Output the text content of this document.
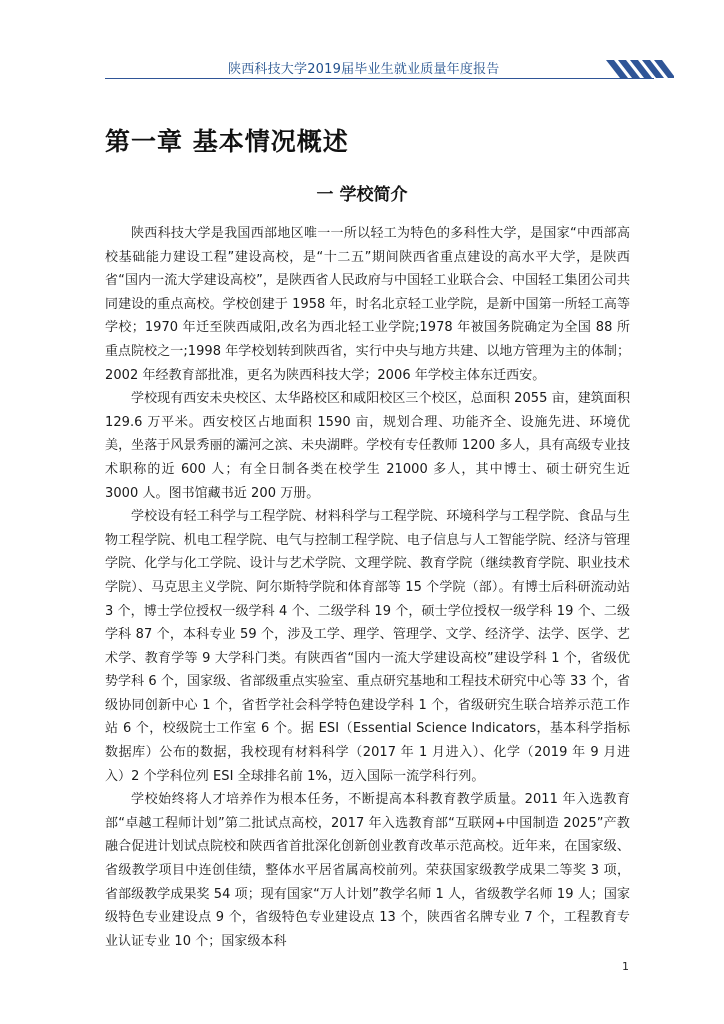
陕西科技大学2019届毕业生就业质量年度报告
第一章 基本情况概述
一 学校简介

陕西科技大学是我国西部地区唯一一所以轻工为特色的多科性大学，是国家“中西部高校基础能力建设工程”建设高校，是“十二五”期间陕西省重点建设的高水平大学，是陕西省“国内一流大学建设高校”，是陕西省人民政府与中国轻工业联合会、中国轻工集团公司共同建设的重点高校。学校创建于 1958 年，时名北京轻工业学院，是新中国第一所轻工高等学校；1970 年迁至陕西咸阳,改名为西北轻工业学院;1978 年被国务院确定为全国 88 所重点院校之一;1998 年学校划转到陕西省，实行中央与地方共建、以地方管理为主的体制；2002 年经教育部批准，更名为陕西科技大学；2006 年学校主体东迁西安。

学校现有西安未央校区、太华路校区和咸阳校区三个校区，总面积 2055 亩，建筑面积 129.6 万平米。西安校区占地面积 1590 亩，规划合理、功能齐全、设施先进、环境优美，坐落于风景秀丽的灞河之滨、未央湖畔。学校有专任教师 1200 多人，具有高级专业技术职称的近 600 人；有全日制各类在校学生 21000 多人，其中博士、硕士研究生近 3000 人。图书馆藏书近 200 万册。

学校设有轻工科学与工程学院、材料科学与工程学院、环境科学与工程学院、食品与生物工程学院、机电工程学院、电气与控制工程学院、电子信息与人工智能学院、经济与管理学院、化学与化工学院、设计与艺术学院、文理学院、教育学院（继续教育学院、职业技术学院）、马克思主义学院、阿尔斯特学院和体育部等 15 个学院（部）。有博士后科研流动站 3 个，博士学位授权一级学科 4 个、二级学科 19 个，硕士学位授权一级学科 19 个、二级学科 87 个，本科专业 59 个，涉及工学、理学、管理学、文学、经济学、法学、医学、艺术学、教育学等 9 大学科门类。有陕西省“国内一流大学建设高校”建设学科 1 个，省级优势学科 6 个，国家级、省部级重点实验室、重点研究基地和工程技术研究中心等 33 个，省级协同创新中心 1 个，省哲学社会科学特色建设学科 1 个，省级研究生联合培养示范工作站 6 个，校级院士工作室 6 个。据 ESI（Essential Science Indicators，基本科学指标数据库）公布的数据，我校现有材料科学（2017 年 1 月进入）、化学（2019 年 9 月进入）2 个学科位列 ESI 全球排名前 1%，迈入国际一流学科行列。

学校始终将人才培养作为根本任务，不断提高本科教育教学质量。2011 年入选教育部“卓越工程师计划”第二批试点高校，2017 年入选教育部“互联网+中国制造 2025”产教融合促进计划试点院校和陕西省首批深化创新创业教育改革示范高校。近年来，在国家级、省级教学项目中连创佳绩，整体水平居省属高校前列。荣获国家级教学成果二等奖 3 项，省部级教学成果奖 54 项；现有国家“万人计划”教学名师 1 人，省级教学名师 19 人；国家级特色专业建设点 9 个，省级特色专业建设点 13 个，陕西省名牌专业 7 个，工程教育专业认证专业 10 个；国家级本科

1
